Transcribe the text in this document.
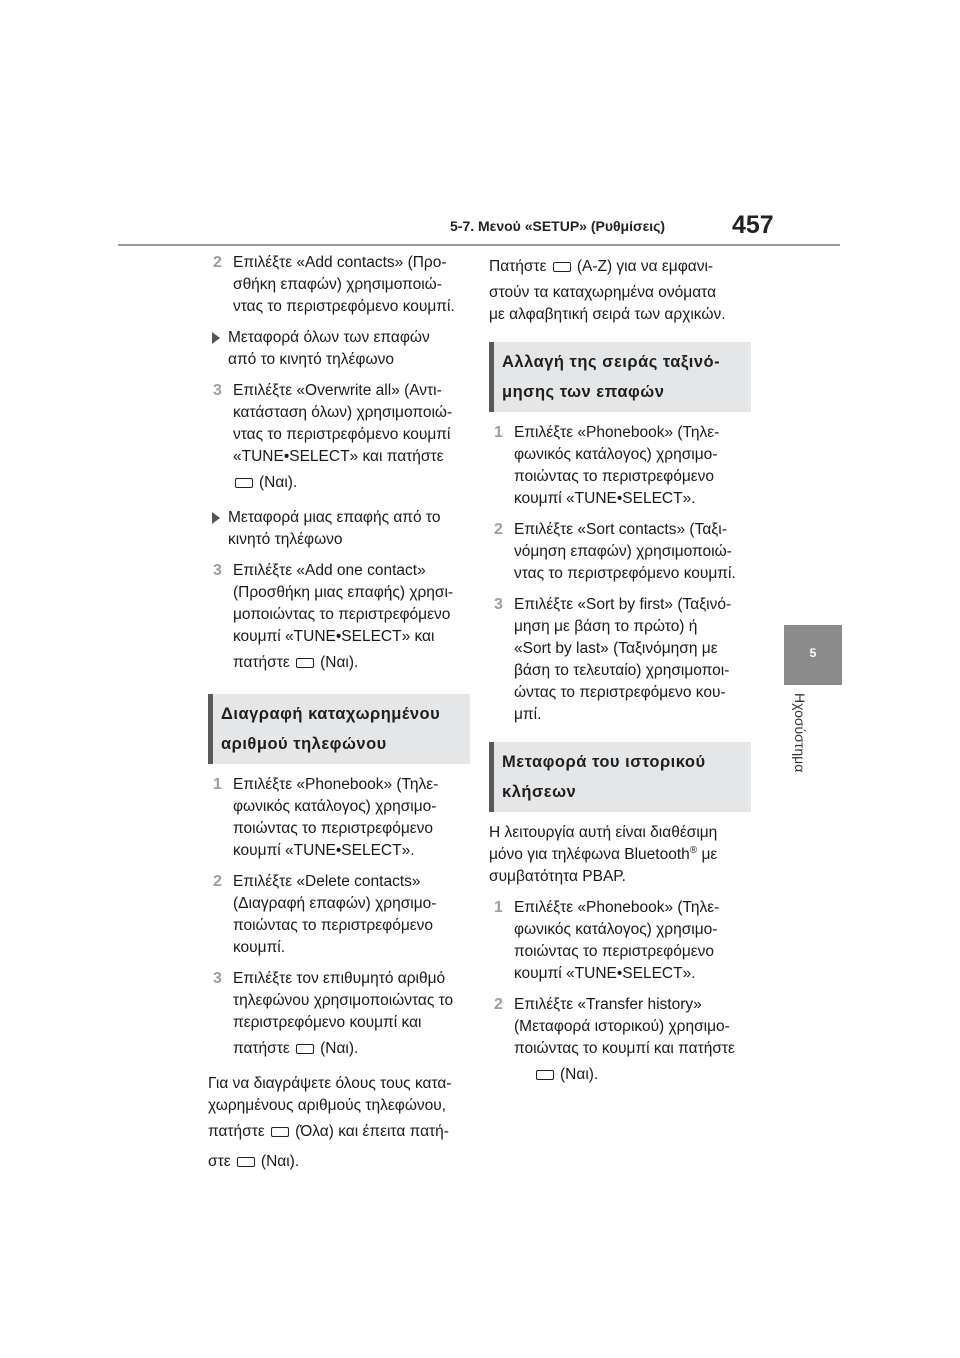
5-7. Μενού «SETUP» (Ρυθμίσεις)	457
5
Ηχοσύστημα
2 Επιλέξτε «Add contacts» (Προ-
σθήκη επαφών) χρησιμοποιώ-
ντας το περιστρεφόμενο κουμπί.
Μεταφορά όλων των επαφών
από το κινητό τηλέφωνο
3 Επιλέξτε «Overwrite all» (Αντι-
κατάσταση όλων) χρησιμοποιώ-
ντας το περιστρεφόμενο κουμπί
«TUNE•SELECT» και πατήστε
(Ναι).
Μεταφορά μιας επαφής από το
κινητό τηλέφωνο
3 Επιλέξτε «Add one contact»
(Προσθήκη μιας επαφής) χρησι-
μοποιώντας το περιστρεφόμενο
κουμπί «TUNE•SELECT» και
πατήστε (Ναι).
Διαγραφή καταχωρημένου
αριθμού τηλεφώνου
1 Επιλέξτε «Phonebook» (Τηλε-
φωνικός κατάλογος) χρησιμο-
ποιώντας το περιστρεφόμενο
κουμπί «TUNE•SELECT».
2 Επιλέξτε «Delete contacts»
(Διαγραφή επαφών) χρησιμο-
ποιώντας το περιστρεφόμενο
κουμπί.
3 Επιλέξτε τον επιθυμητό αριθμό
τηλεφώνου χρησιμοποιώντας το
περιστρεφόμενο κουμπί και
πατήστε (Ναι).
Για να διαγράψετε όλους τους κατα-
χωρημένους αριθμούς τηλεφώνου,
πατήστε (Όλα) και έπειτα πατή-
στε (Ναι).
Πατήστε (A-Z) για να εμφανι-
στούν τα καταχωρημένα ονόματα
με αλφαβητική σειρά των αρχικών.
Αλλαγή της σειράς ταξινό-
μησης των επαφών
1 Επιλέξτε «Phonebook» (Τηλε-
φωνικός κατάλογος) χρησιμο-
ποιώντας το περιστρεφόμενο
κουμπί «TUNE•SELECT».
2 Επιλέξτε «Sort contacts» (Ταξι-
νόμηση επαφών) χρησιμοποιώ-
ντας το περιστρεφόμενο κουμπί.
3 Επιλέξτε «Sort by first» (Ταξινό-
μηση με βάση το πρώτο) ή
«Sort by last» (Ταξινόμηση με
βάση το τελευταίο) χρησιμοποι-
ώντας το περιστρεφόμενο κου-
μπί.
Μεταφορά του ιστορικού
κλήσεων
Η λειτουργία αυτή είναι διαθέσιμη
μόνο για τηλέφωνα Bluetooth® με
συμβατότητα PBAP.
1 Επιλέξτε «Phonebook» (Τηλε-
φωνικός κατάλογος) χρησιμο-
ποιώντας το περιστρεφόμενο
κουμπί «TUNE•SELECT».
2 Επιλέξτε «Transfer history»
(Μεταφορά ιστορικού) χρησιμο-
ποιώντας το κουμπί και πατήστε
(Ναι).
